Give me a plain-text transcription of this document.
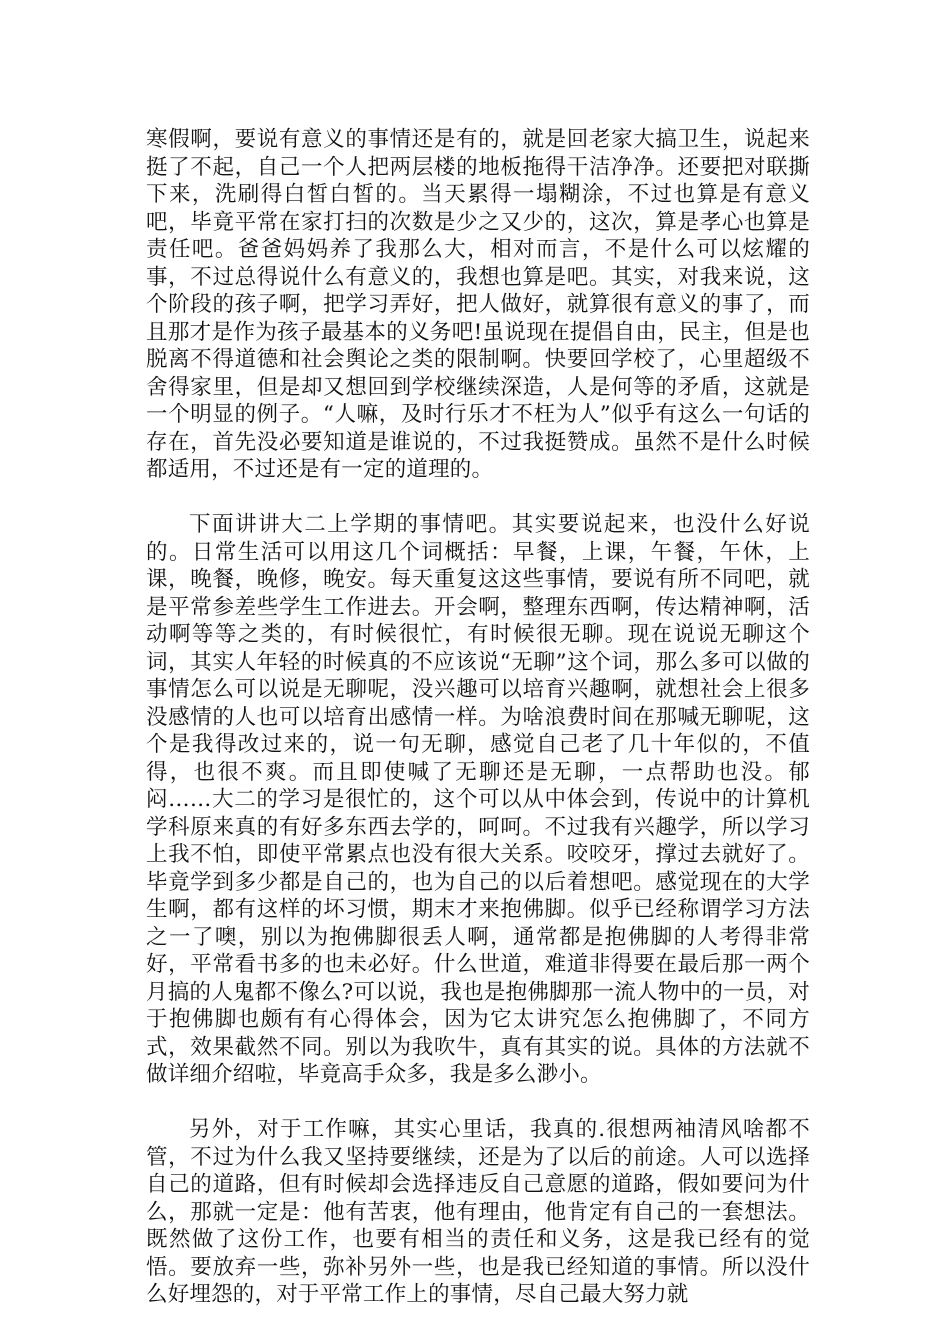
寒假啊，要说有意义的事情还是有的，就是回老家大搞卫生，说起来挺了不起，自己一个人把两层楼的地板拖得干洁净净。还要把对联撕下来，洗刷得白皙白皙的。当天累得一塌糊涂，不过也算是有意义吧，毕竟平常在家打扫的次数是少之又少的，这次，算是孝心也算是责任吧。爸爸妈妈养了我那么大，相对而言，不是什么可以炫耀的事，不过总得说什么有意义的，我想也算是吧。其实，对我来说，这个阶段的孩子啊，把学习弄好，把人做好，就算很有意义的事了，而且那才是作为孩子最基本的义务吧!虽说现在提倡自由，民主，但是也脱离不得道德和社会舆论之类的限制啊。快要回学校了，心里超级不舍得家里，但是却又想回到学校继续深造，人是何等的矛盾，这就是一个明显的例子。“人嘛，及时行乐才不枉为人”似乎有这么一句话的存在，首先没必要知道是谁说的，不过我挺赞成。虽然不是什么时候都适用，不过还是有一定的道理的。

下面讲讲大二上学期的事情吧。其实要说起来，也没什么好说的。日常生活可以用这几个词概括：早餐，上课，午餐，午休，上课，晚餐，晚修，晚安。每天重复这这些事情，要说有所不同吧，就是平常参差些学生工作进去。开会啊，整理东西啊，传达精神啊，活动啊等等之类的，有时候很忙，有时候很无聊。现在说说无聊这个词，其实人年轻的时候真的不应该说“无聊”这个词，那么多可以做的事情怎么可以说是无聊呢，没兴趣可以培育兴趣啊，就想社会上很多没感情的人也可以培育出感情一样。为啥浪费时间在那喊无聊呢，这个是我得改过来的，说一句无聊，感觉自己老了几十年似的，不值得，也很不爽。而且即使喊了无聊还是无聊，一点帮助也没。郁闷……大二的学习是很忙的，这个可以从中体会到，传说中的计算机学科原来真的有好多东西去学的，呵呵。不过我有兴趣学，所以学习上我不怕，即使平常累点也没有很大关系。咬咬牙，撑过去就好了。毕竟学到多少都是自己的，也为自己的以后着想吧。感觉现在的大学生啊，都有这样的坏习惯，期末才来抱佛脚。似乎已经称谓学习方法之一了噢，别以为抱佛脚很丢人啊，通常都是抱佛脚的人考得非常好，平常看书多的也未必好。什么世道，难道非得要在最后那一两个月搞的人鬼都不像么?可以说，我也是抱佛脚那一流人物中的一员，对于抱佛脚也颇有有心得体会，因为它太讲究怎么抱佛脚了，不同方式，效果截然不同。别以为我吹牛，真有其实的说。具体的方法就不做详细介绍啦，毕竟高手众多，我是多么渺小。

另外，对于工作嘛，其实心里话，我真的.很想两袖清风啥都不管，不过为什么我又坚持要继续，还是为了以后的前途。人可以选择自己的道路，但有时候却会选择违反自己意愿的道路，假如要问为什么，那就一定是：他有苦衷，他有理由，他肯定有自己的一套想法。既然做了这份工作，也要有相当的责任和义务，这是我已经有的觉悟。要放弃一些，弥补另外一些，也是我已经知道的事情。所以没什么好埋怨的，对于平常工作上的事情，尽自己最大努力就
